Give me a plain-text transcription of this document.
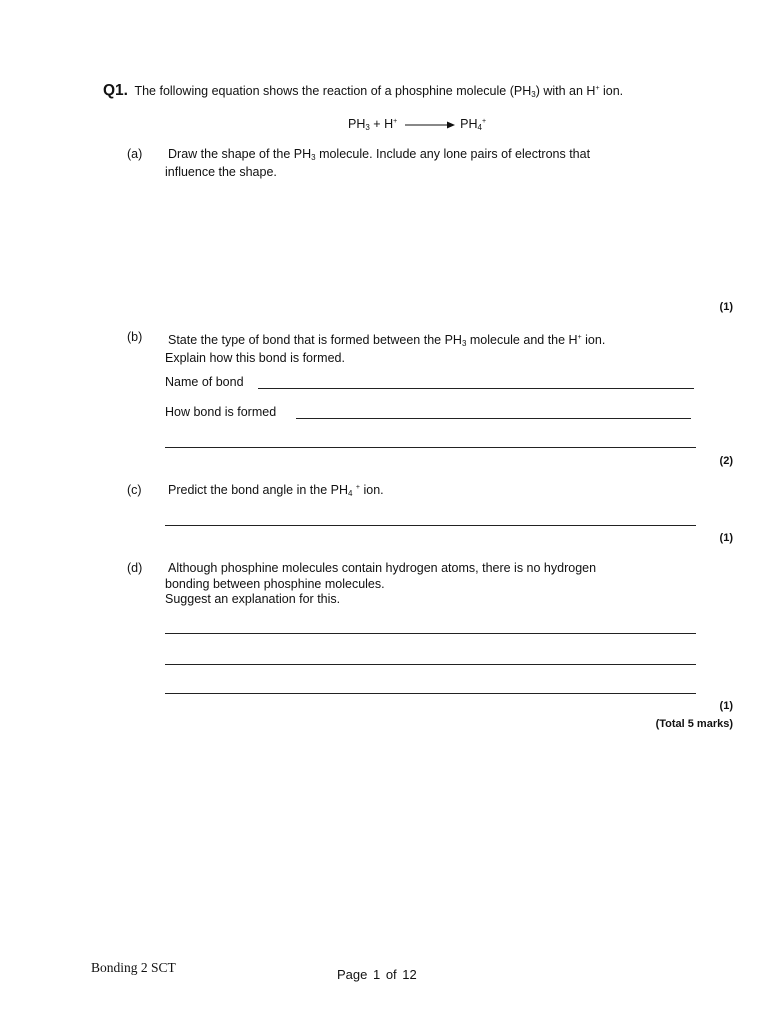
Q1. The following equation shows the reaction of a phosphine molecule $(PH_3)$ with an H+ ion.
$PH_3 + H^+ \to PH_4^+$
(a) Draw the shape of the $PH_3$ molecule. Include any lone pairs of electrons that
influence the shape.
(1)
(b) State the type of bond that is formed between the $PH_3$ molecule and the H+ ion.
Explain how this bond is formed.
Name of bond
How bond is formed
(2)
(c) Predict the bond angle in the $PH_4$ + ion.
(1)
(d) Although phosphine molecules contain hydrogen atoms, there is no hydrogen
bonding between phosphine molecules.
Suggest an explanation for this.
(1)
(Total 5 marks)
Bonding 2 SCT	Page 1 of 12
